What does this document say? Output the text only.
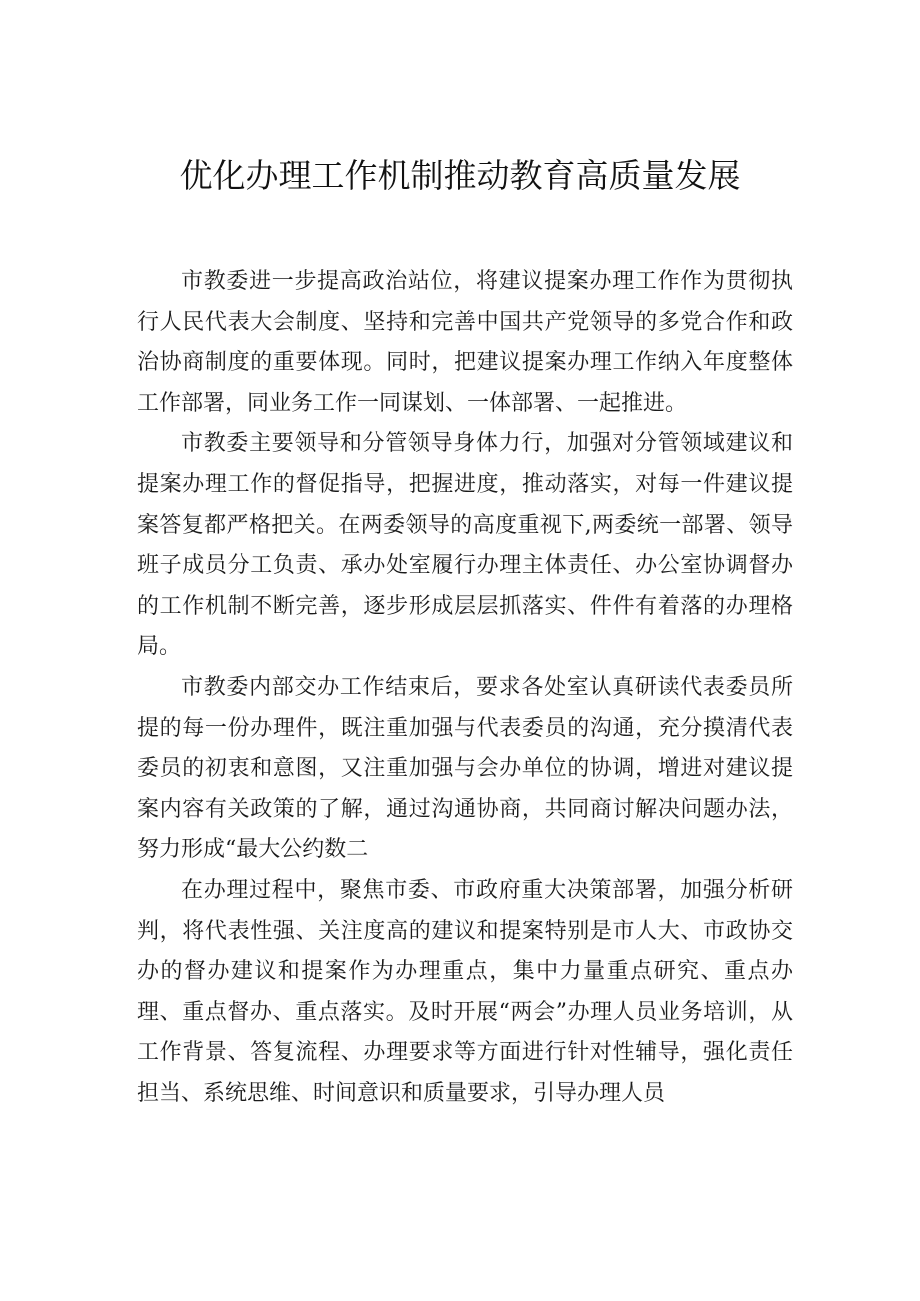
优化办理工作机制推动教育高质量发展

市教委进一步提高政治站位，将建议提案办理工作作为贯彻执行人民代表大会制度、坚持和完善中国共产党领导的多党合作和政治协商制度的重要体现。同时，把建议提案办理工作纳入年度整体工作部署，同业务工作一同谋划、一体部署、一起推进。

市教委主要领导和分管领导身体力行，加强对分管领域建议和提案办理工作的督促指导，把握进度，推动落实，对每一件建议提案答复都严格把关。在两委领导的高度重视下,两委统一部署、领导班子成员分工负责、承办处室履行办理主体责任、办公室协调督办的工作机制不断完善，逐步形成层层抓落实、件件有着落的办理格局。

市教委内部交办工作结束后，要求各处室认真研读代表委员所提的每一份办理件，既注重加强与代表委员的沟通，充分摸清代表委员的初衷和意图，又注重加强与会办单位的协调，增进对建议提案内容有关政策的了解，通过沟通协商，共同商讨解决问题办法，努力形成“最大公约数二

在办理过程中，聚焦市委、市政府重大决策部署，加强分析研判，将代表性强、关注度高的建议和提案特别是市人大、市政协交办的督办建议和提案作为办理重点，集中力量重点研究、重点办理、重点督办、重点落实。及时开展“两会”办理人员业务培训，从工作背景、答复流程、办理要求等方面进行针对性辅导，强化责任担当、系统思维、时间意识和质量要求，引导办理人员
